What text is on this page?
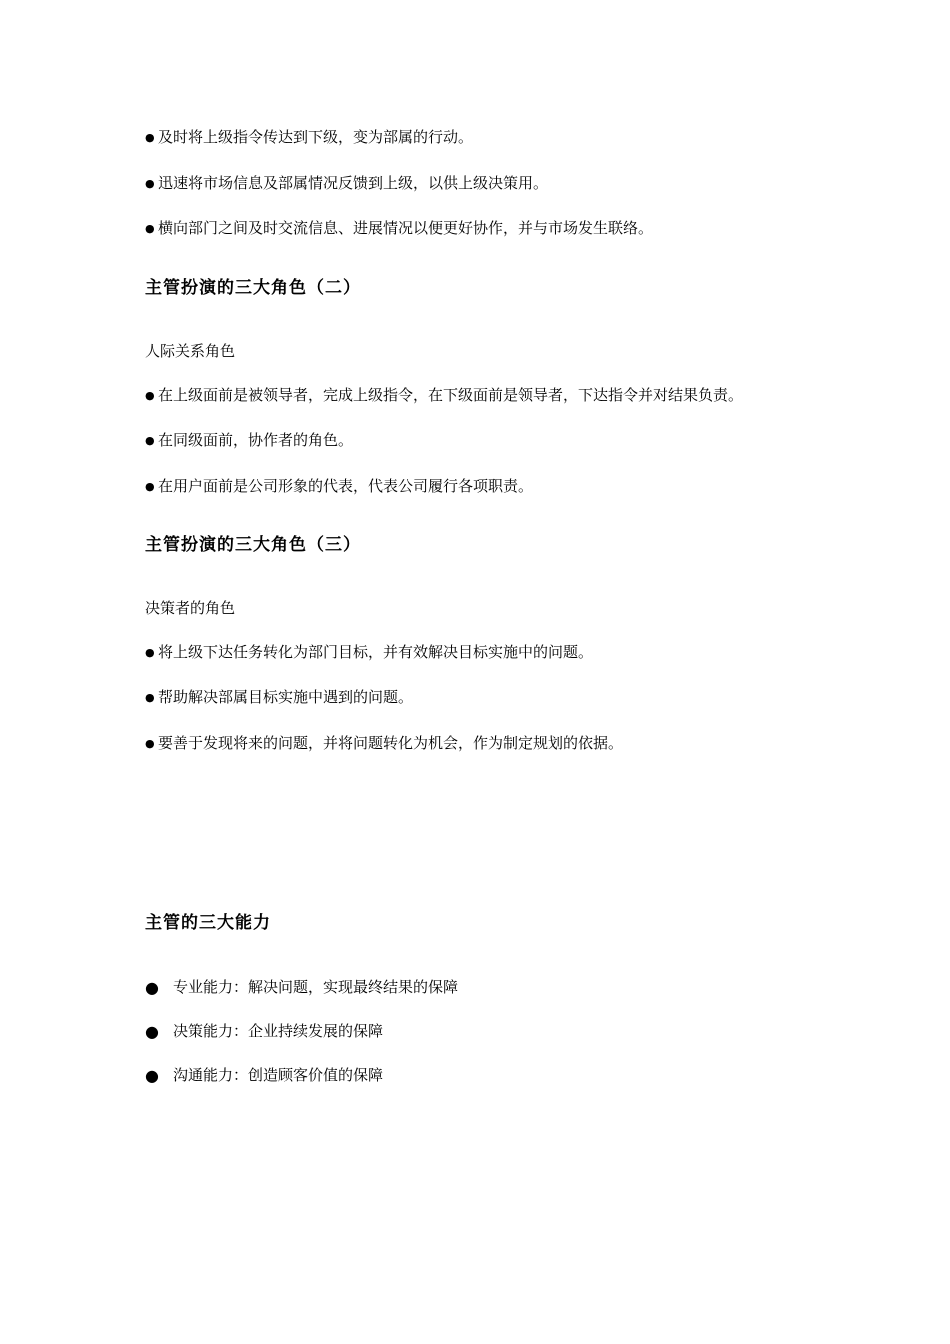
● 及时将上级指令传达到下级，变为部属的行动。
● 迅速将市场信息及部属情况反馈到上级，以供上级决策用。
● 横向部门之间及时交流信息、进展情况以便更好协作，并与市场发生联络。
主管扮演的三大角色（二）
人际关系角色
● 在上级面前是被领导者，完成上级指令，在下级面前是领导者，下达指令并对结果负责。
● 在同级面前，协作者的角色。
● 在用户面前是公司形象的代表，代表公司履行各项职责。
主管扮演的三大角色（三）
决策者的角色
● 将上级下达任务转化为部门目标，并有效解决目标实施中的问题。
● 帮助解决部属目标实施中遇到的问题。
● 要善于发现将来的问题，并将问题转化为机会，作为制定规划的依据。
主管的三大能力
● 专业能力：解决问题，实现最终结果的保障
● 决策能力：企业持续发展的保障
● 沟通能力：创造顾客价值的保障
